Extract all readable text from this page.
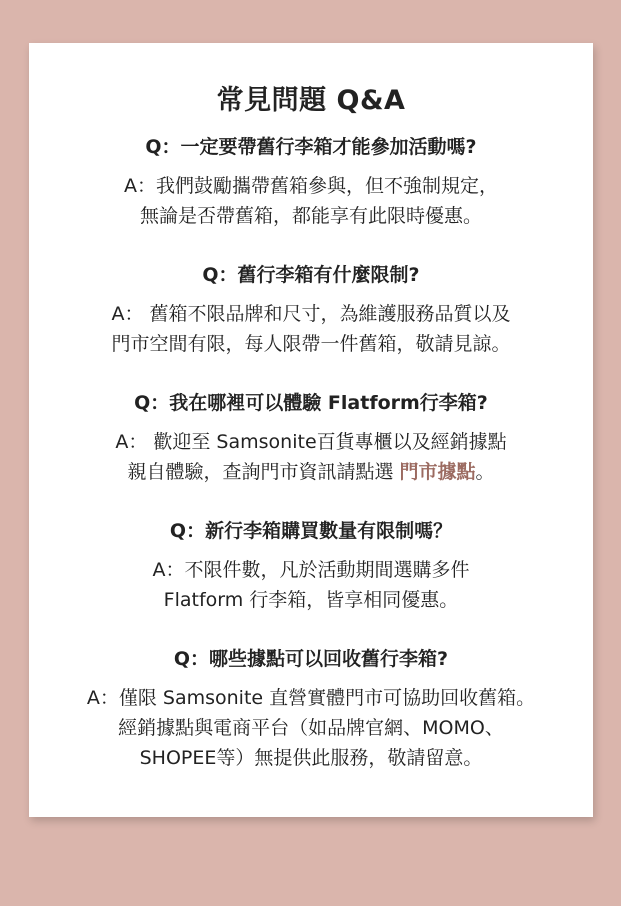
常見問題 Q&A
Q：一定要帶舊行李箱才能參加活動嗎?
A：我們鼓勵攜帶舊箱參與，但不強制規定，
無論是否帶舊箱，都能享有此限時優惠。
Q：舊行李箱有什麼限制?
A： 舊箱不限品牌和尺寸，為維護服務品質以及
門市空間有限，每人限帶一件舊箱，敬請見諒。
Q：我在哪裡可以體驗 Flatform行李箱?
A： 歡迎至 Samsonite百貨專櫃以及經銷據點
親自體驗，查詢門市資訊請點選 門市據點。
Q：新行李箱購買數量有限制嗎？
A：不限件數，凡於活動期間選購多件
Flatform 行李箱，皆享相同優惠。
Q：哪些據點可以回收舊行李箱?
A：僅限 Samsonite 直營實體門市可協助回收舊箱。
經銷據點與電商平台（如品牌官網、MOMO、
SHOPEE等）無提供此服務，敬請留意。
